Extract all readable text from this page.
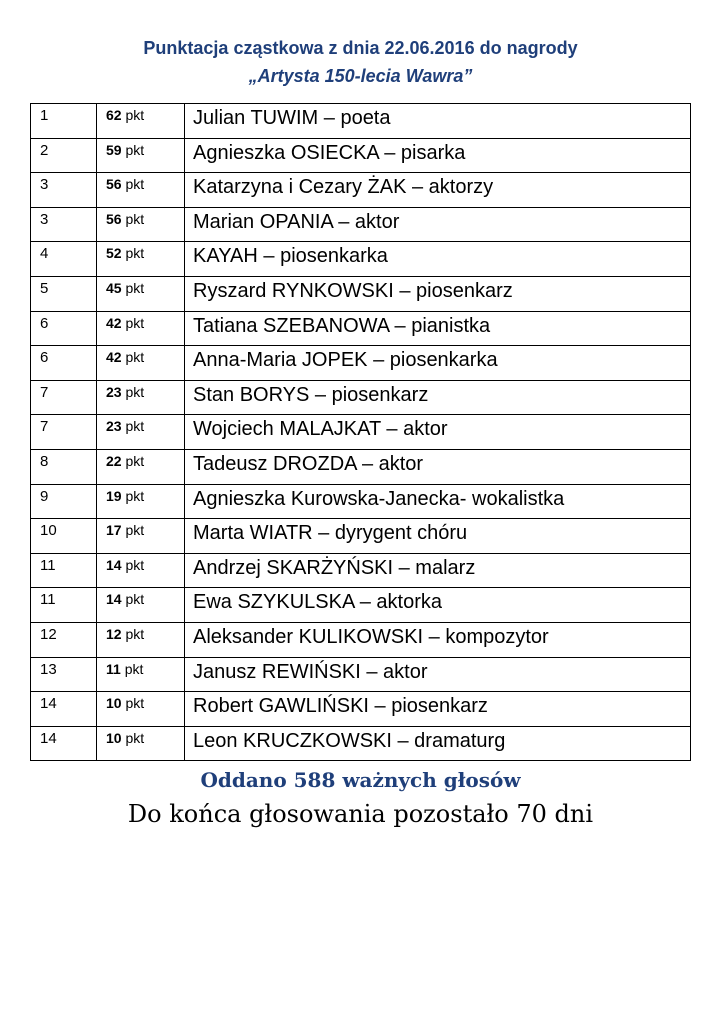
Punktacja cząstkowa z dnia 22.06.2016 do nagrody

„Artysta 150-lecia Wawra”

1	62 pkt	Julian TUWIM – poeta
2	59 pkt	Agnieszka OSIECKA – pisarka
3	56 pkt	Katarzyna i Cezary ŻAK – aktorzy
3	56 pkt	Marian OPANIA – aktor
4	52 pkt	KAYAH – piosenkarka
5	45 pkt	Ryszard RYNKOWSKI – piosenkarz
6	42 pkt	Tatiana SZEBANOWA – pianistka
6	42 pkt	Anna-Maria JOPEK – piosenkarka
7	23 pkt	Stan BORYS – piosenkarz
7	23 pkt	Wojciech MALAJKAT – aktor
8	22 pkt	Tadeusz DROZDA – aktor
9	19 pkt	Agnieszka Kurowska-Janecka- wokalistka
10	17 pkt	Marta WIATR – dyrygent chóru
11	14 pkt	Andrzej SKARŻYŃSKI – malarz
11	14 pkt	Ewa SZYKULSKA – aktorka
12	12 pkt	Aleksander KULIKOWSKI – kompozytor
13	11 pkt	Janusz REWIŃSKI – aktor
14	10 pkt	Robert GAWLIŃSKI – piosenkarz
14	10 pkt	Leon KRUCZKOWSKI – dramaturg
Oddano 588 ważnych głosów
Do końca głosowania pozostało 70 dni
